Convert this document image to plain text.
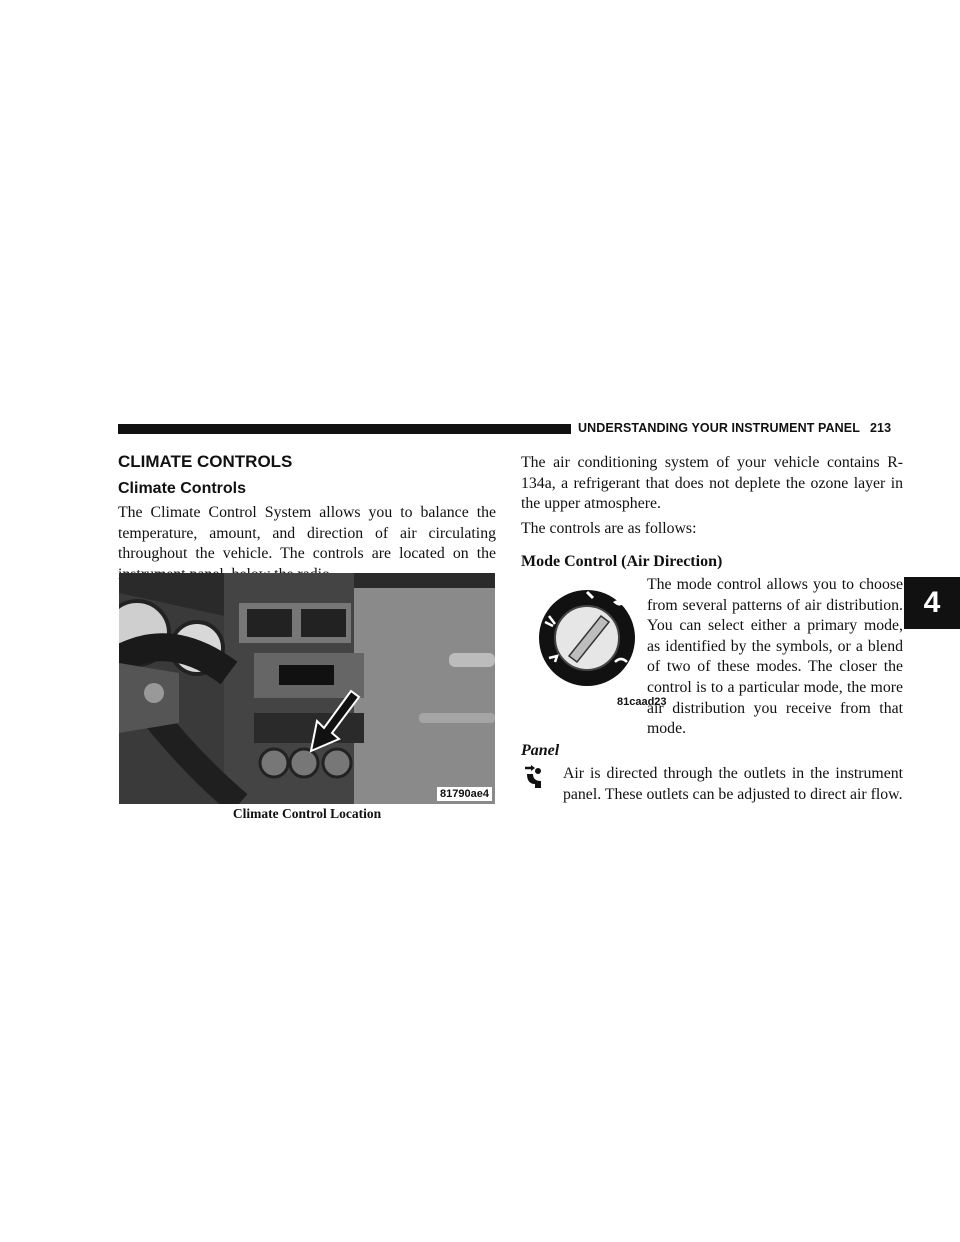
UNDERSTANDING YOUR INSTRUMENT PANEL 213
4
CLIMATE CONTROLS
Climate Controls

The Climate Control System allows you to balance the temperature, amount, and direction of air circulating throughout the vehicle. The controls are located on the

81790ae4
Climate Control Location

The air conditioning system of your vehicle contains R-134a, a refrigerant that does not deplete the ozone layer in the upper atmosphere.

The controls are as follows:

Mode Control (Air Direction)
81caad23

The mode control allows you to choose from several patterns of air distribution. You can select either a primary mode, as identified by the symbols, or a blend of two of these modes. The closer the control is to a particular mode, the more air distribution you receive from that mode.

Panel

Air is directed through the outlets in the instrument panel. These outlets can be adjusted to direct air flow.
